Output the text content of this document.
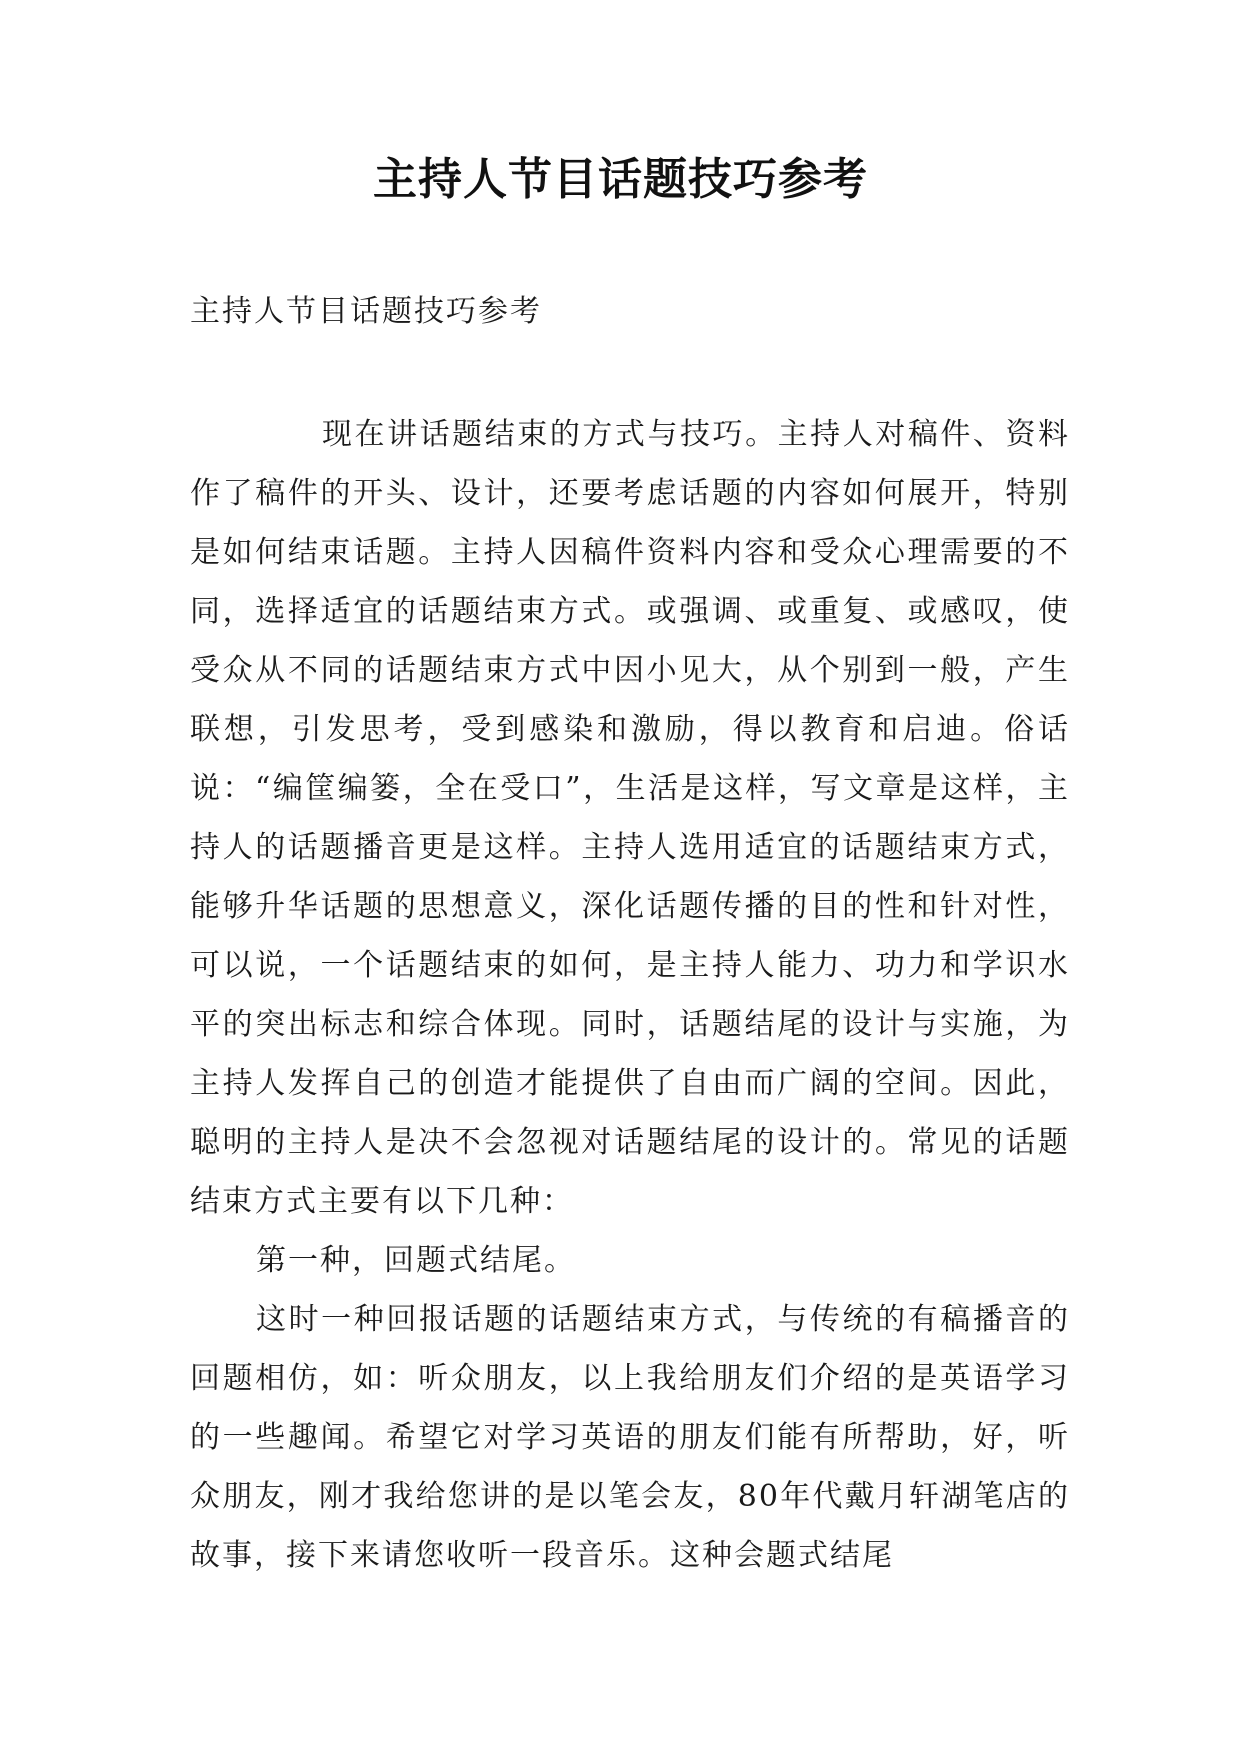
主持人节目话题技巧参考
主持人节目话题技巧参考

现在讲话题结束的方式与技巧。主持人对稿件、资料作了稿件的开头、设计，还要考虑话题的内容如何展开，特别是如何结束话题。主持人因稿件资料内容和受众心理需要的不同，选择适宜的话题结束方式。或强调、或重复、或感叹，使受众从不同的话题结束方式中因小见大，从个别到一般，产生联想，引发思考，受到感染和激励，得以教育和启迪。俗话说：“编筐编篓，全在受口”，生活是这样，写文章是这样，主持人的话题播音更是这样。主持人选用适宜的话题结束方式，能够升华话题的思想意义，深化话题传播的目的性和针对性，可以说，一个话题结束的如何，是主持人能力、功力和学识水平的突出标志和综合体现。同时，话题结尾的设计与实施，为主持人发挥自己的创造才能提供了自由而广阔的空间。因此，聪明的主持人是决不会忽视对话题结尾的设计的。常见的话题结束方式主要有以下几种：

第一种，回题式结尾。

这时一种回报话题的话题结束方式，与传统的有稿播音的回题相仿，如：听众朋友，以上我给朋友们介绍的是英语学习的一些趣闻。希望它对学习英语的朋友们能有所帮助，好，听众朋友，刚才我给您讲的是以笔会友，80年代戴月轩湖笔店的故事，接下来请您收听一段音乐。这种会题式结尾
